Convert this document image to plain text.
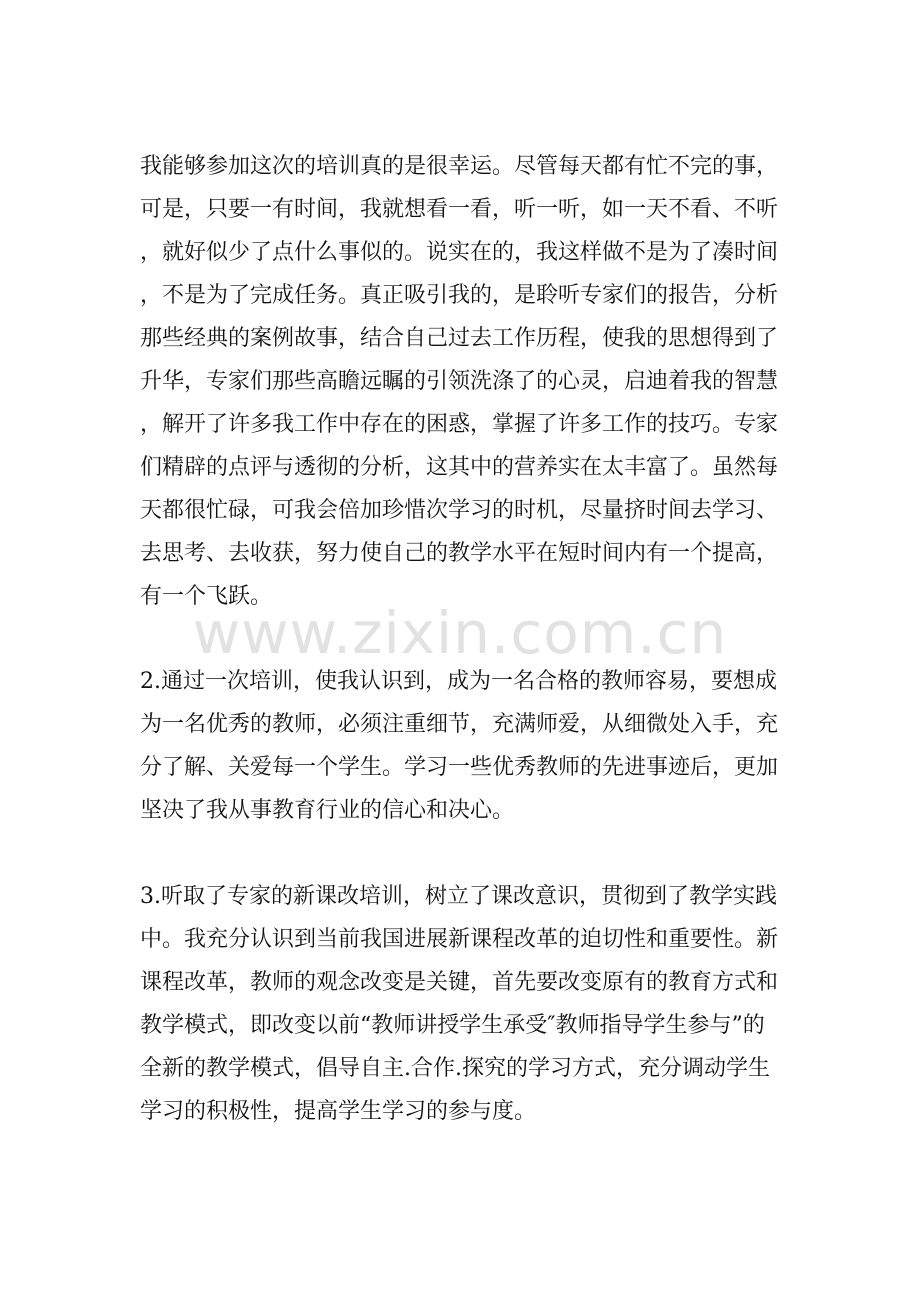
www.zixin.com.cn
我能够参加这次的培训真的是很幸运。尽管每天都有忙不完的事，
可是，只要一有时间，我就想看一看，听一听，如一天不看、不听
，就好似少了点什么事似的。说实在的，我这样做不是为了凑时间
，不是为了完成任务。真正吸引我的，是聆听专家们的报告，分析
那些经典的案例故事，结合自己过去工作历程，使我的思想得到了
升华，专家们那些高瞻远瞩的引领洗涤了的心灵，启迪着我的智慧
，解开了许多我工作中存在的困惑，掌握了许多工作的技巧。专家
们精辟的点评与透彻的分析，这其中的营养实在太丰富了。虽然每
天都很忙碌，可我会倍加珍惜次学习的时机，尽量挤时间去学习、
去思考、去收获，努力使自己的教学水平在短时间内有一个提高，
有一个飞跃。
2.通过一次培训，使我认识到，成为一名合格的教师容易，要想成
为一名优秀的教师，必须注重细节，充满师爱，从细微处入手，充
分了解、关爱每一个学生。学习一些优秀教师的先进事迹后，更加
坚决了我从事教育行业的信心和决心。
3.听取了专家的新课改培训，树立了课改意识，贯彻到了教学实践
中。我充分认识到当前我国进展新课程改革的迫切性和重要性。新
课程改革，教师的观念改变是关键，首先要改变原有的教育方式和
教学模式，即改变以前“教师讲授学生承受″教师指导学生参与”的
全新的教学模式，倡导自主.合作.探究的学习方式，充分调动学生
学习的积极性，提高学生学习的参与度。
